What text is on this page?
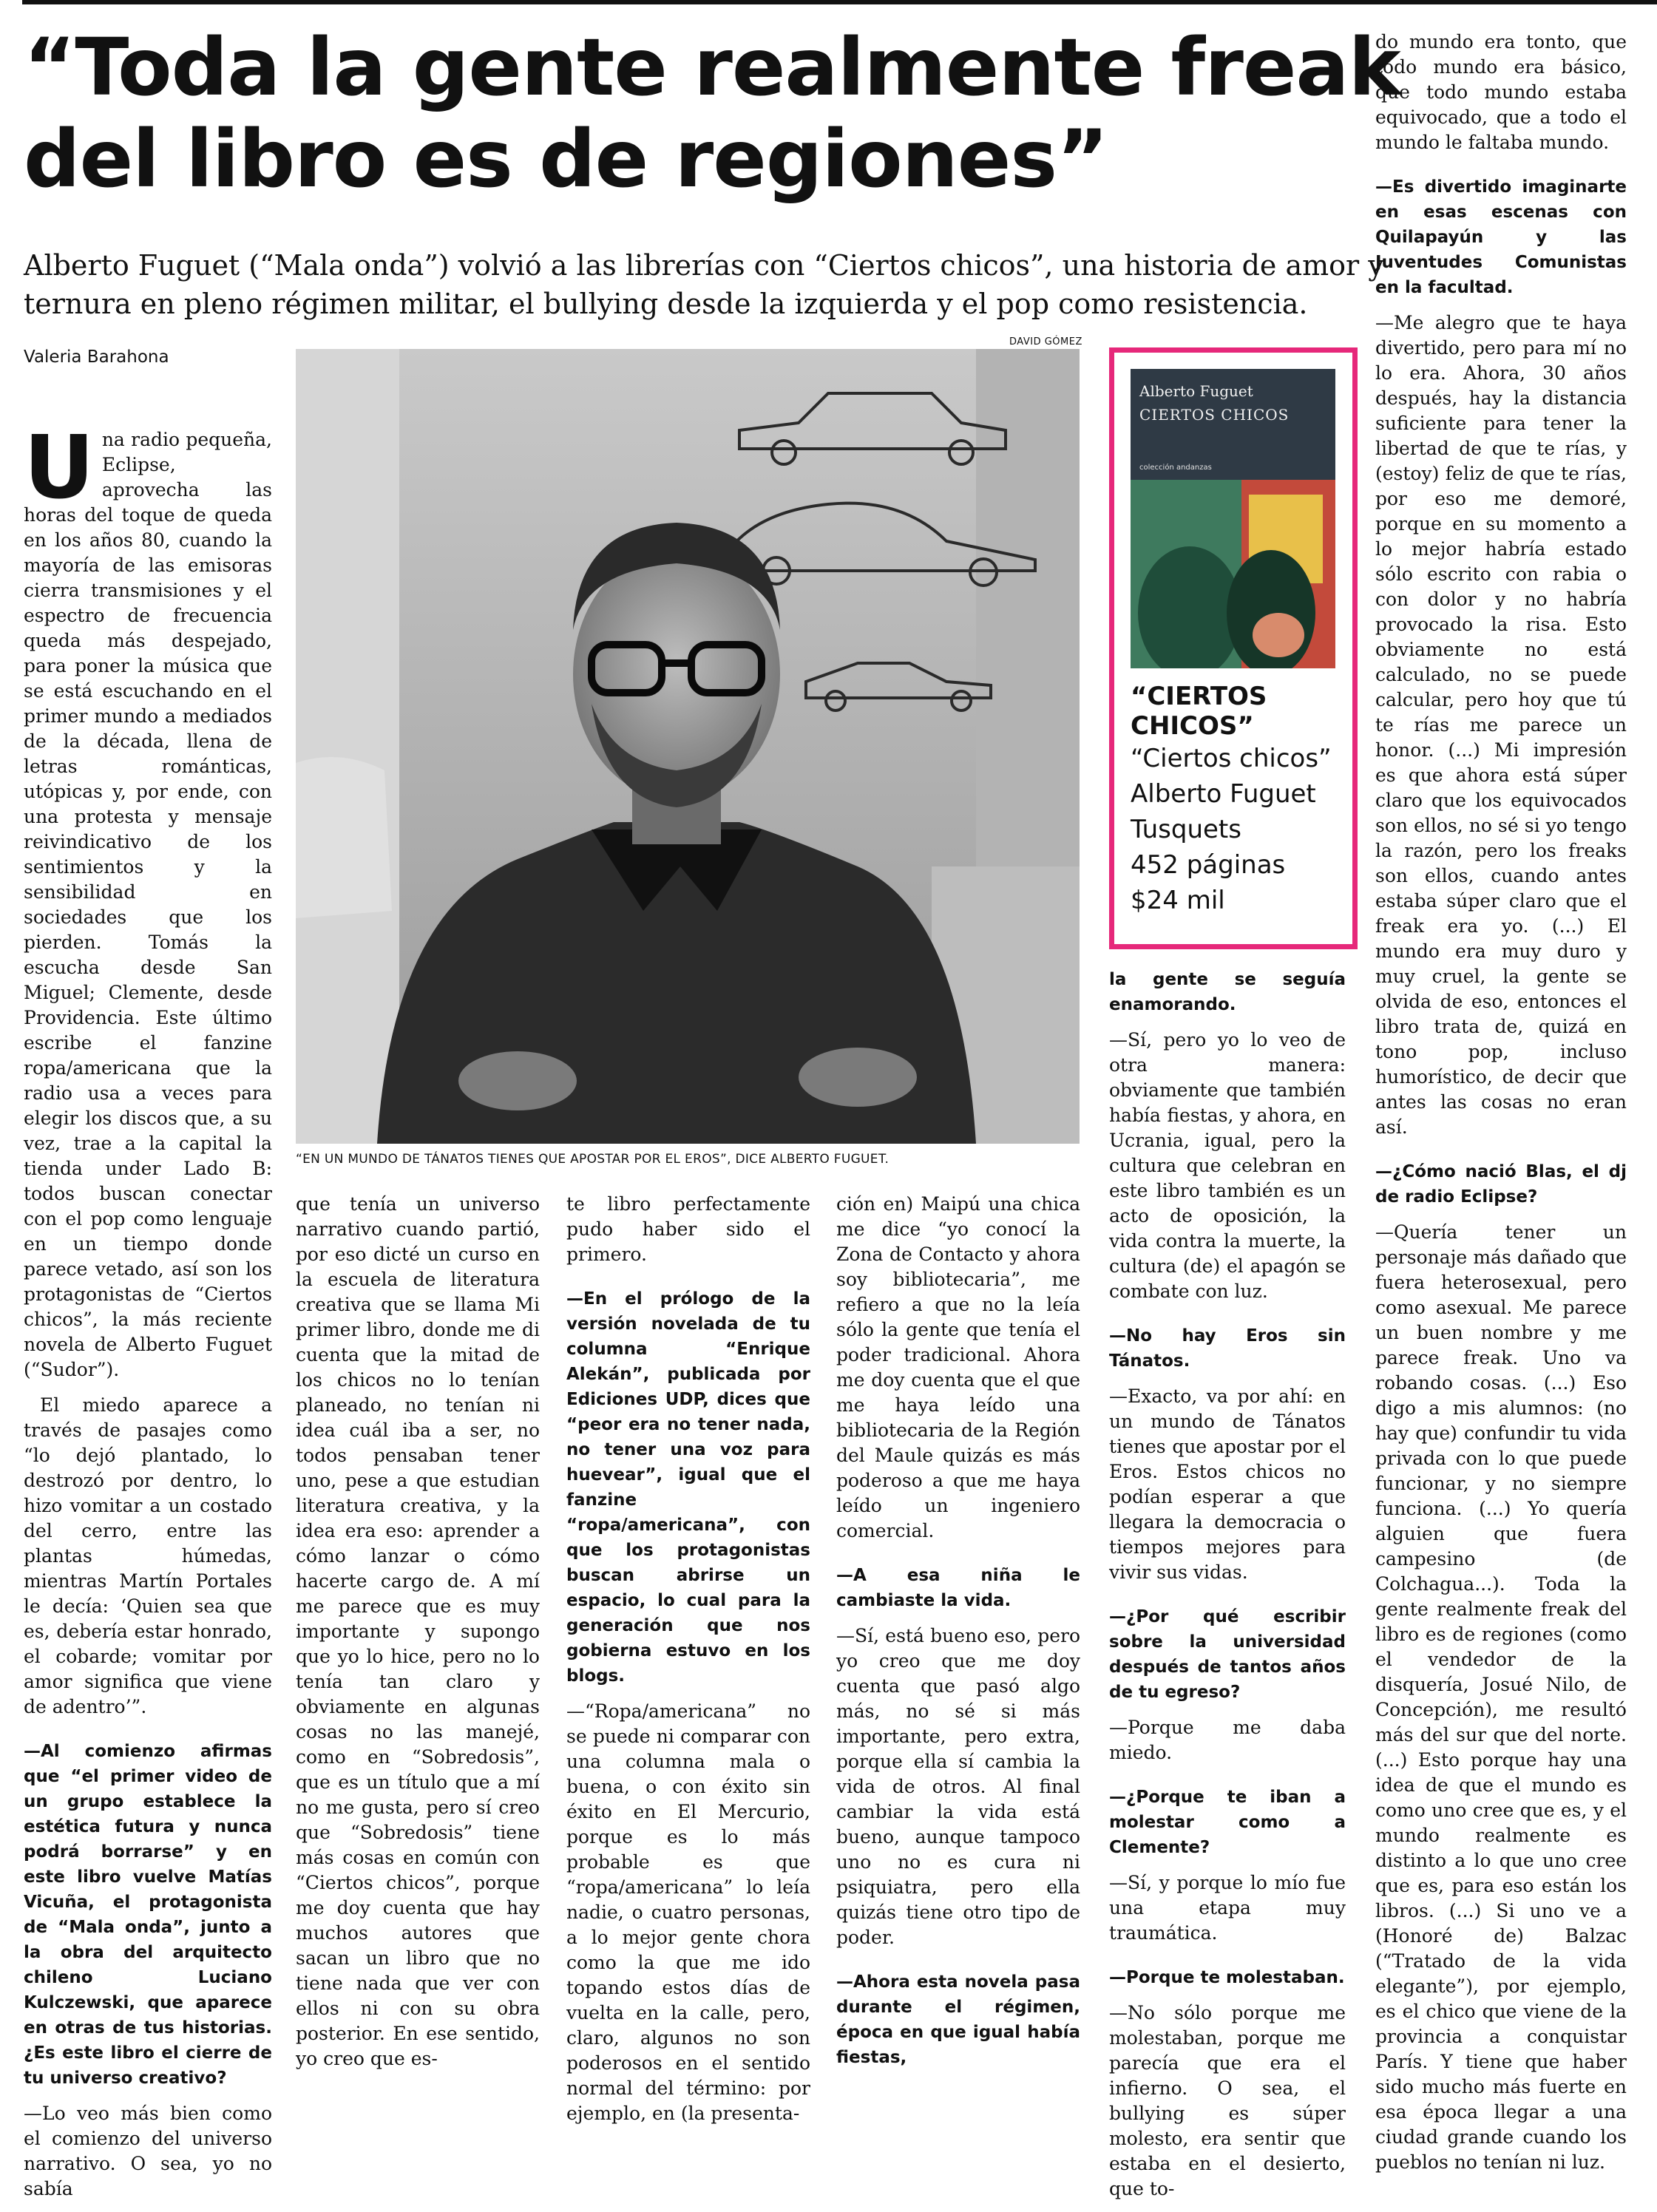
“Toda la gente realmente freak
del libro es de regiones”
Alberto Fuguet (“Mala onda”) volvió a las librerías con “Ciertos chicos”, una historia de amor y
ternura en pleno régimen militar, el bullying desde la izquierda y el pop como resistencia.
Valeria Barahona
DAVID GÓMEZ
“EN UN MUNDO DE TÁNATOS TIENES QUE APOSTAR POR EL EROS”, DICE ALBERTO FUGUET.
Alberto Fuguet
CIERTOS CHICOS
colección andanzas
“CIERTOS CHICOS”
“Ciertos chicos”
Alberto Fuguet
Tusquets
452 páginas
$24 mil

Una radio pequeña, Eclipse, aprovecha las horas del toque de queda en los años 80, cuando la mayoría de las emisoras cierra transmisiones y el espectro de frecuencia queda más despejado, para poner la música que se está escuchando en el primer mundo a mediados de la década, llena de letras románticas, utópicas y, por ende, con una protesta y mensaje reivindicativo de los sentimientos y la sensibilidad en sociedades que los pierden. Tomás la escucha desde San Miguel; Clemente, desde Providencia. Este último escribe el fanzine ropa/americana que la radio usa a veces para elegir los discos que, a su vez, trae a la capital la tienda under Lado B: todos buscan conectar con el pop como lenguaje en un tiempo donde parece vetado, así son los protagonistas de “Ciertos chicos”, la más reciente novela de Alberto Fuguet (“Sudor”).

El miedo aparece a través de pasajes como “lo dejó plantado, lo destrozó por dentro, lo hizo vomitar a un costado del cerro, entre las plantas húmedas, mientras Martín Portales le decía: ‘Quien sea que es, debería estar honrado, el cobarde; vomitar por amor significa que viene de adentro’”.

—Al comienzo afirmas que “el primer video de un grupo establece la estética futura y nunca podrá borrarse” y en este libro vuelve Matías Vicuña, el protagonista de “Mala onda”, junto a la obra del arquitecto chileno Luciano Kulczewski, que aparece en otras de tus historias. ¿Es este libro el cierre de tu universo creativo?

—Lo veo más bien como el comienzo del universo narrativo. O sea, yo no sabía

que tenía un universo narrativo cuando partió, por eso dicté un curso en la escuela de literatura creativa que se llama Mi primer libro, donde me di cuenta que la mitad de los chicos no lo tenían planeado, no tenían ni idea cuál iba a ser, no todos pensaban tener uno, pese a que estudian literatura creativa, y la idea era eso: aprender a cómo lanzar o cómo hacerte cargo de. A mí me parece que es muy importante y supongo que yo lo hice, pero no lo tenía tan claro y obviamente en algunas cosas no las manejé, como en “Sobredosis”, que es un título que a mí no me gusta, pero sí creo que “Sobredosis” tiene más cosas en común con “Ciertos chicos”, porque me doy cuenta que hay muchos autores que sacan un libro que no tiene nada que ver con ellos ni con su obra posterior. En ese sentido, yo creo que es-

te libro perfectamente pudo haber sido el primero.

—En el prólogo de la versión novelada de tu columna “Enrique Alekán”, publicada por Ediciones UDP, dices que “peor era no tener nada, no tener una voz para huevear”, igual que el fanzine “ropa/americana”, con que los protagonistas buscan abrirse un espacio, lo cual para la generación que nos gobierna estuvo en los blogs.

—“Ropa/americana” no se puede ni comparar con una columna mala o buena, o con éxito sin éxito en El Mercurio, porque es lo más probable es que “ropa/americana” lo leía nadie, o cuatro personas, a lo mejor gente chora como la que me ido topando estos días de vuelta en la calle, pero, claro, algunos no son poderosos en el sentido normal del término: por ejemplo, en (la presenta-

ción en) Maipú una chica me dice “yo conocí la Zona de Contacto y ahora soy bibliotecaria”, me refiero a que no la leía sólo la gente que tenía el poder tradicional. Ahora me doy cuenta que el que me haya leído una bibliotecaria de la Región del Maule quizás es más poderoso a que me haya leído un ingeniero comercial.

—A esa niña le cambiaste la vida.

—Sí, está bueno eso, pero yo creo que me doy cuenta que pasó algo más, no sé si más importante, pero extra, porque ella sí cambia la vida de otros. Al final cambiar la vida está bueno, aunque tampoco uno no es cura ni psiquiatra, pero ella quizás tiene otro tipo de poder.

—Ahora esta novela pasa durante el régimen, época en que igual había fiestas,

la gente se seguía enamorando.

—Sí, pero yo lo veo de otra manera: obviamente que también había fiestas, y ahora, en Ucrania, igual, pero la cultura que celebran en este libro también es un acto de oposición, la vida contra la muerte, la cultura (de) el apagón se combate con luz.

—No hay Eros sin Tánatos.

—Exacto, va por ahí: en un mundo de Tánatos tienes que apostar por el Eros. Estos chicos no podían esperar a que llegara la democracia o tiempos mejores para vivir sus vidas.

—¿Por qué escribir sobre la universidad después de tantos años de tu egreso?

—Porque me daba miedo.

—¿Porque te iban a molestar como a Clemente?

—Sí, y porque lo mío fue una etapa muy traumática.

—Porque te molestaban.

—No sólo porque me molestaban, porque me parecía que era el infierno. O sea, el bullying es súper molesto, era sentir que estaba en el desierto, que to-

do mundo era tonto, que todo mundo era básico, que todo mundo estaba equivocado, que a todo el mundo le faltaba mundo.

—Es divertido imaginarte en esas escenas con Quilapayún y las Juventudes Comunistas en la facultad.

—Me alegro que te haya divertido, pero para mí no lo era. Ahora, 30 años después, hay la distancia suficiente para tener la libertad de que te rías, y (estoy) feliz de que te rías, por eso me demoré, porque en su momento a lo mejor habría estado sólo escrito con rabia o con dolor y no habría provocado la risa. Esto obviamente no está calculado, no se puede calcular, pero hoy que tú te rías me parece un honor. (...) Mi impresión es que ahora está súper claro que los equivocados son ellos, no sé si yo tengo la razón, pero los freaks son ellos, cuando antes estaba súper claro que el freak era yo. (...) El mundo era muy duro y muy cruel, la gente se olvida de eso, entonces el libro trata de, quizá en tono pop, incluso humorístico, de decir que antes las cosas no eran así.

—¿Cómo nació Blas, el dj de radio Eclipse?

—Quería tener un personaje más dañado que fuera heterosexual, pero como asexual. Me parece un buen nombre y me parece freak. Uno va robando cosas. (...) Eso digo a mis alumnos: (no hay que) confundir tu vida privada con lo que puede funcionar, y no siempre funciona. (...) Yo quería alguien que fuera campesino (de Colchagua...). Toda la gente realmente freak del libro es de regiones (como el vendedor de la disquería, Josué Nilo, de Concepción), me resultó más del sur que del norte. (...) Esto porque hay una idea de que el mundo es como uno cree que es, y el mundo realmente es distinto a lo que uno cree que es, para eso están los libros. (...) Si uno ve a (Honoré de) Balzac (“Tratado de la vida elegante”), por ejemplo, es el chico que viene de la provincia a conquistar París. Y tiene que haber sido mucho más fuerte en esa época llegar a una ciudad grande cuando los pueblos no tenían ni luz.
